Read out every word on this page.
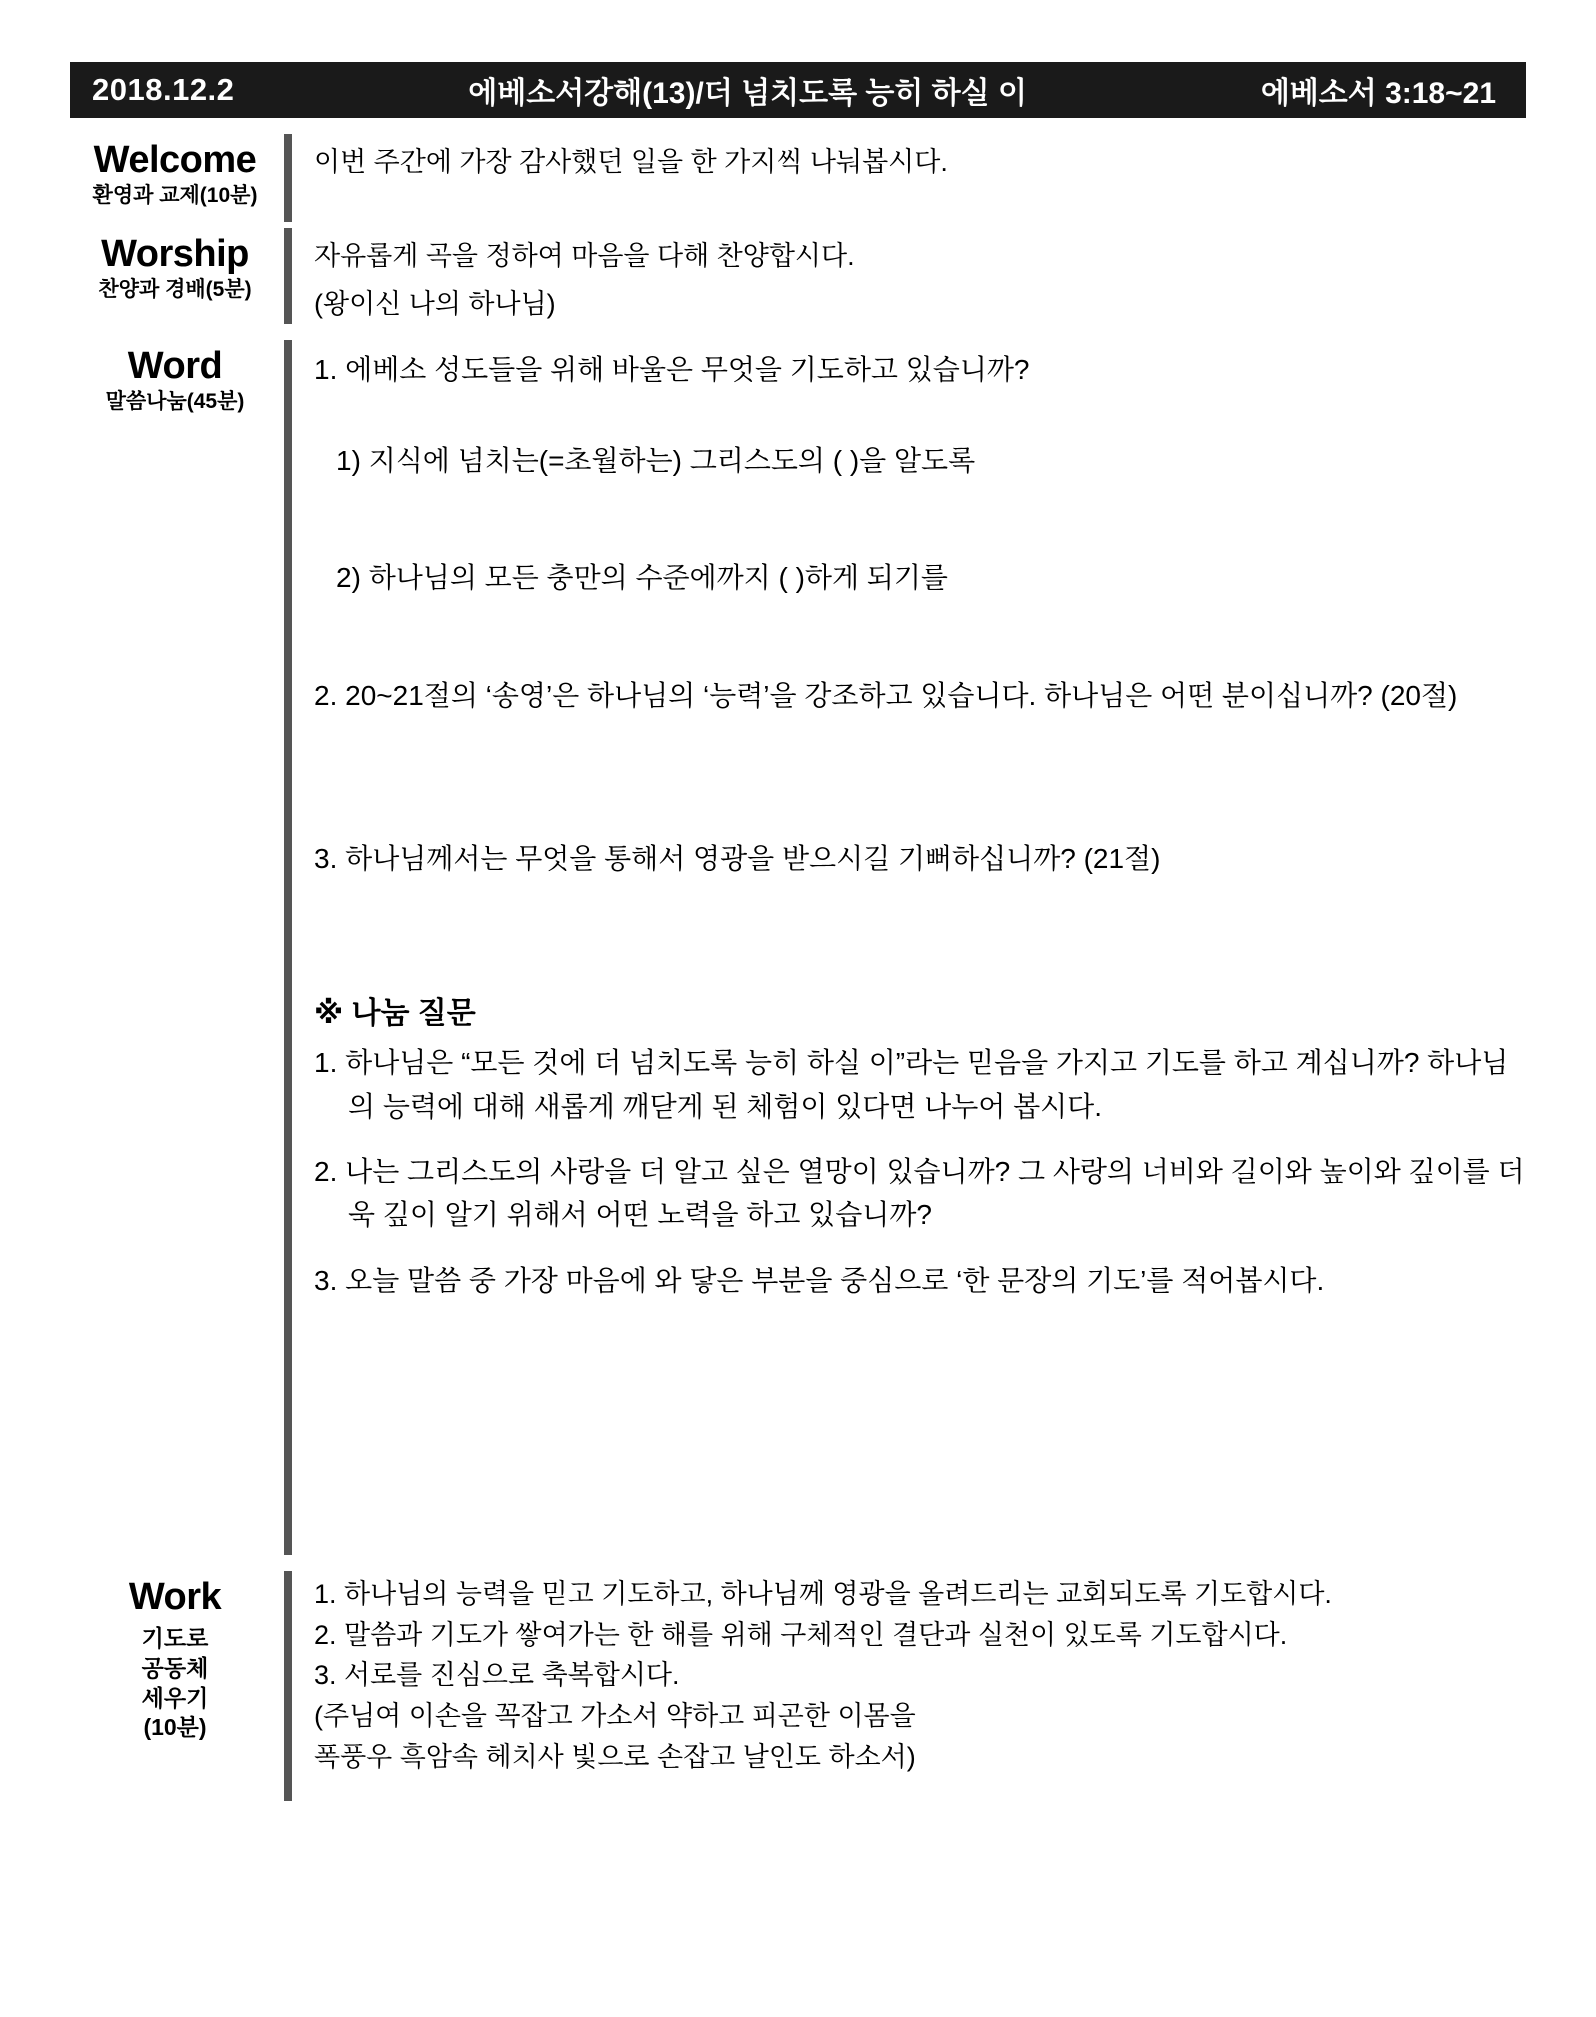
2018.12.2	에베소서강해(13)/더 넘치도록 능히 하실 이	에베소서 3:18~21
Welcome
환영과 교제(10분)

이번 주간에 가장 감사했던 일을 한 가지씩 나눠봅시다.

Worship
찬양과 경배(5분)

자유롭게 곡을 정하여 마음을 다해 찬양합시다.

(왕이신 나의 하나님)

Word
말씀나눔(45분)
1. 에베소 성도들을 위해 바울은 무엇을 기도하고 있습니까?
1) 지식에 넘치는(=초월하는) 그리스도의 ( )을 알도록
2) 하나님의 모든 충만의 수준에까지 ( )하게 되기를
2. 20~21절의 ‘송영’은 하나님의 ‘능력’을 강조하고 있습니다. 하나님은 어떤 분이십니까? (20절)
3. 하나님께서는 무엇을 통해서 영광을 받으시길 기뻐하십니까? (21절)
※ 나눔 질문
1. 하나님은 “모든 것에 더 넘치도록 능히 하실 이”라는 믿음을 가지고 기도를 하고 계십니까? 하나님의 능력에 대해 새롭게 깨닫게 된 체험이 있다면 나누어 봅시다.
2. 나는 그리스도의 사랑을 더 알고 싶은 열망이 있습니까? 그 사랑의 너비와 길이와 높이와 깊이를 더욱 깊이 알기 위해서 어떤 노력을 하고 있습니까?
3. 오늘 말씀 중 가장 마음에 와 닿은 부분을 중심으로 ‘한 문장의 기도’를 적어봅시다.
Work
기도로
공동체
세우기
(10분)

1. 하나님의 능력을 믿고 기도하고, 하나님께 영광을 올려드리는 교회되도록 기도합시다.

2. 말씀과 기도가 쌓여가는 한 해를 위해 구체적인 결단과 실천이 있도록 기도합시다.

3. 서로를 진심으로 축복합시다.

(주님여 이손을 꼭잡고 가소서 약하고 피곤한 이몸을

폭풍우 흑암속 헤치사 빛으로 손잡고 날인도 하소서)
